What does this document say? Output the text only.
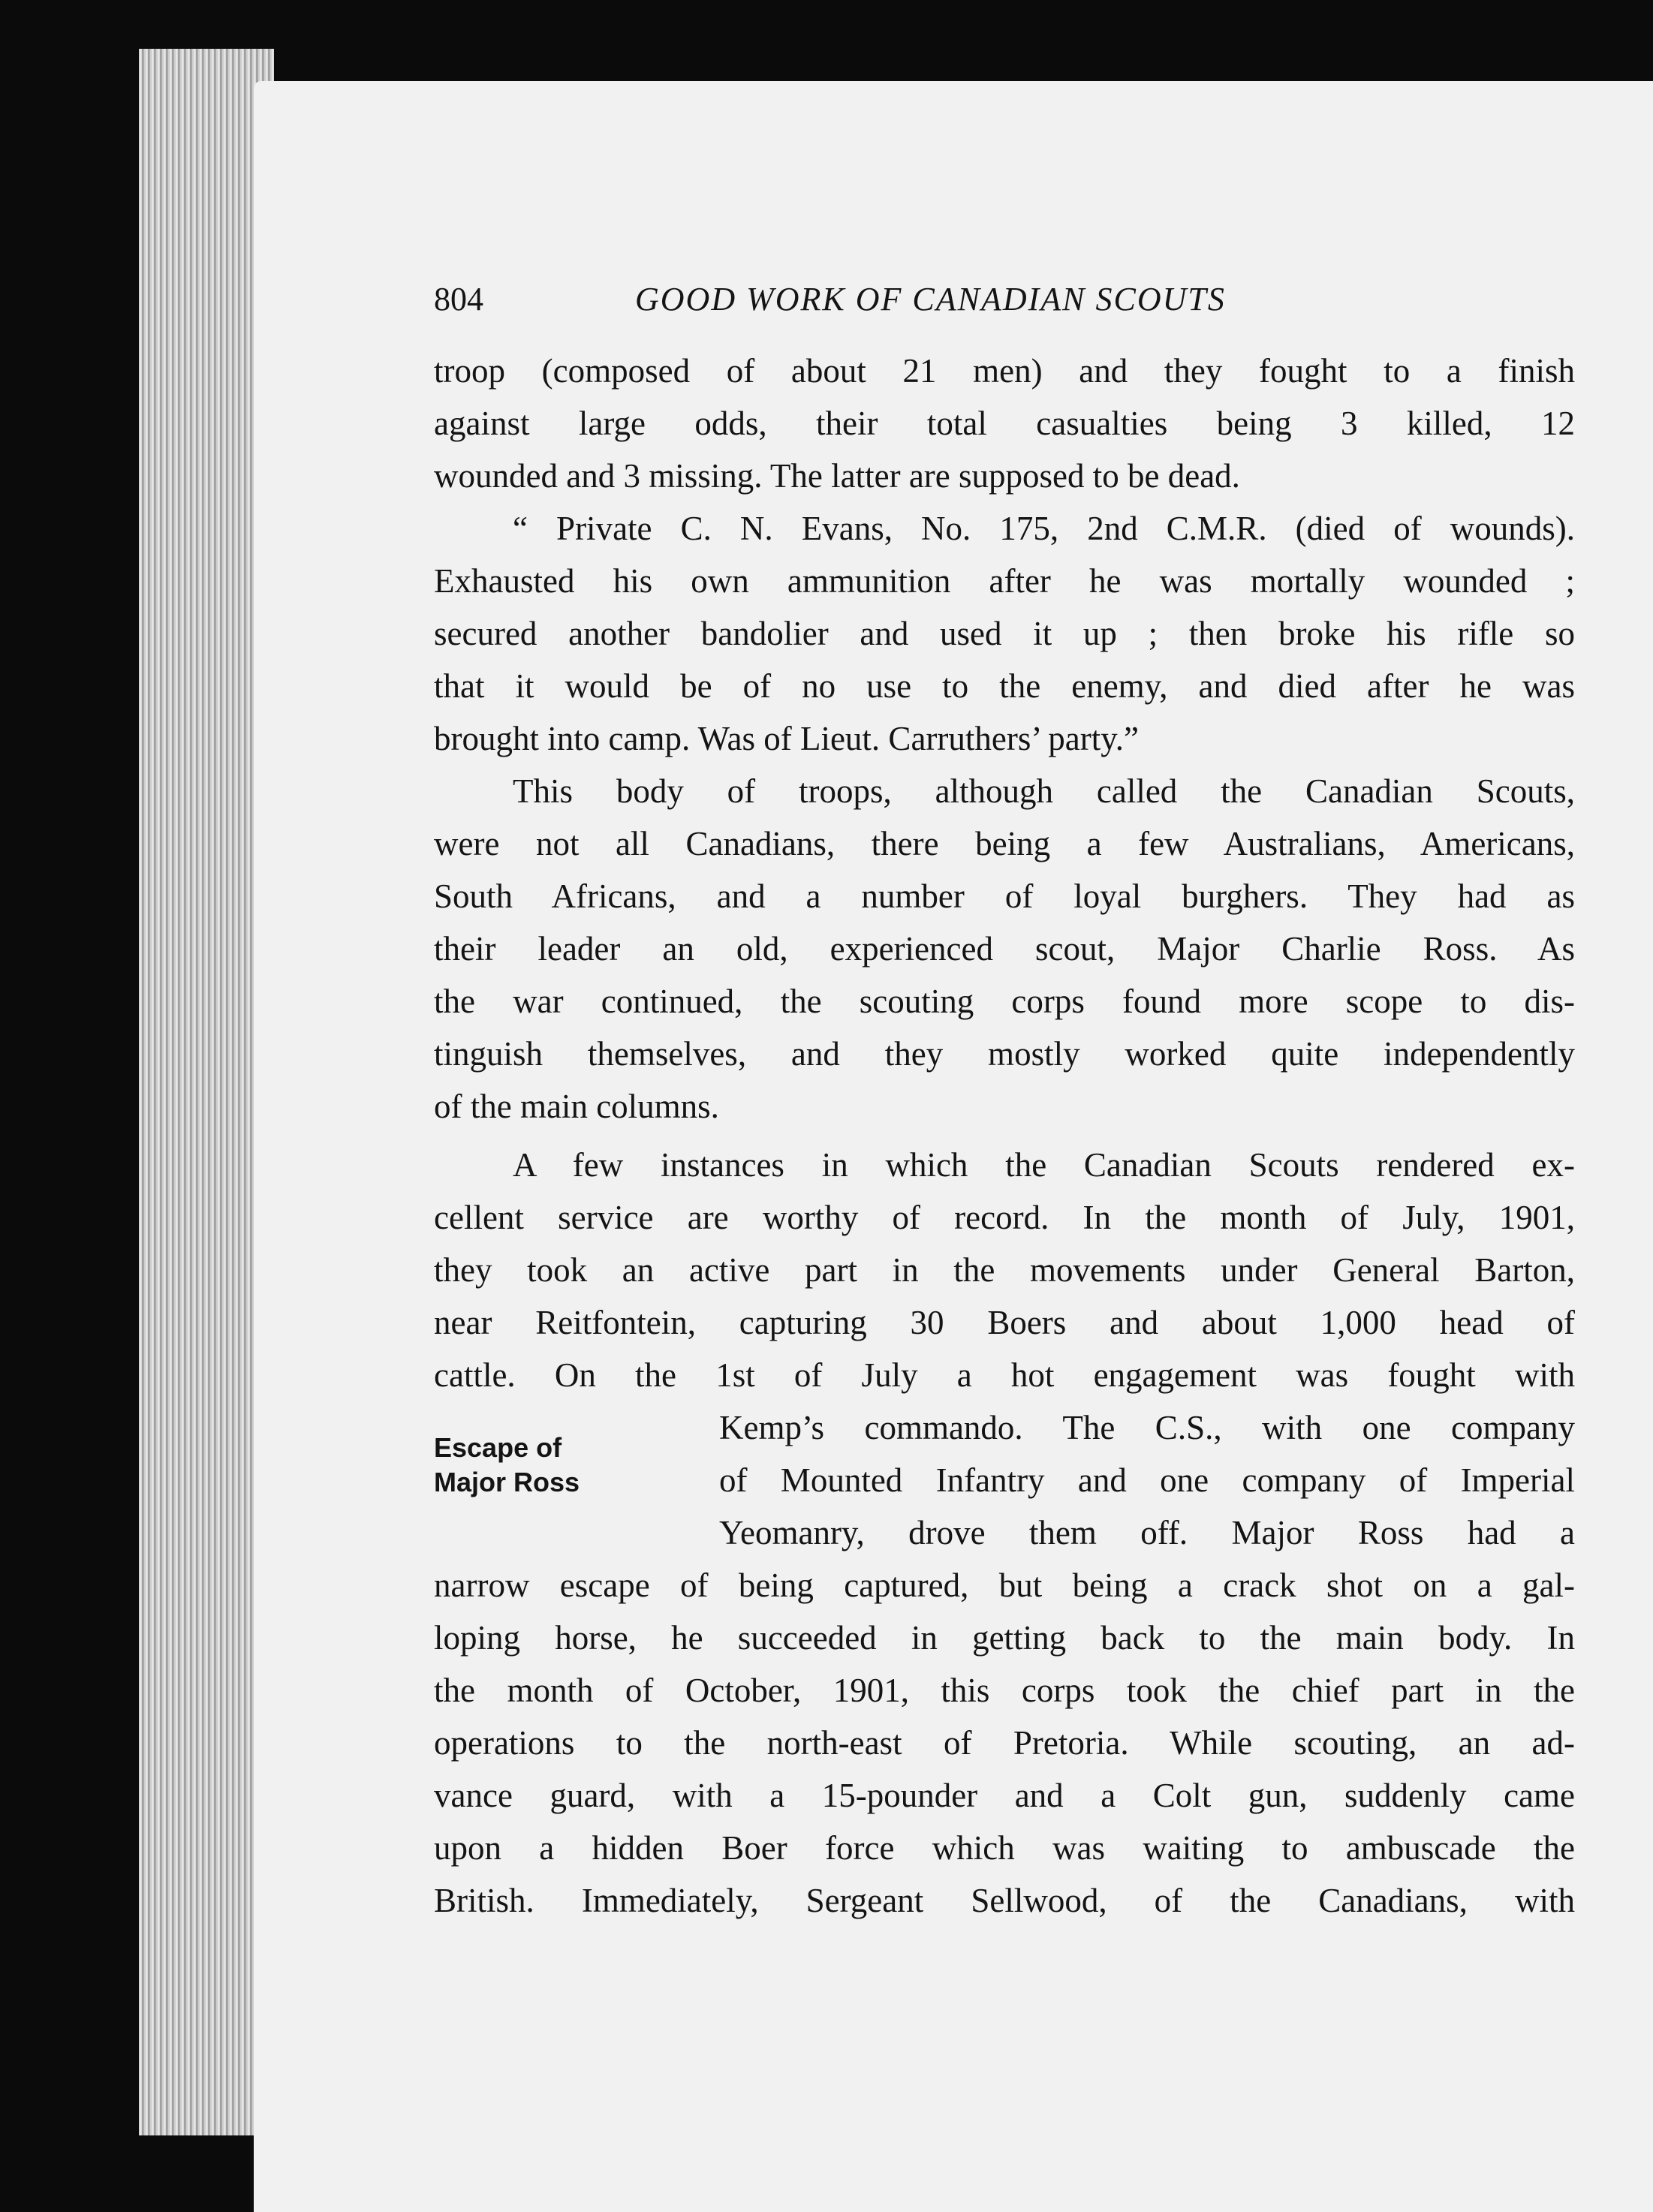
804	GOOD WORK OF CANADIAN SCOUTS
Escape of
Major Ross
troop (composed of about 21 men) and they fought to a finish
against large odds, their total casualties being 3 killed, 12
wounded and 3 missing. The latter are supposed to be dead.
“ Private C. N. Evans, No. 175, 2nd C.M.R. (died of wounds).
Exhausted his own ammunition after he was mortally wounded ;
secured another bandolier and used it up ; then broke his rifle so
that it would be of no use to the enemy, and died after he was
brought into camp. Was of Lieut. Carruthers’ party.”
This body of troops, although called the Canadian Scouts,
were not all Canadians, there being a few Australians, Americans,
South Africans, and a number of loyal burghers. They had as
their leader an old, experienced scout, Major Charlie Ross. As
the war continued, the scouting corps found more scope to dis-
tinguish themselves, and they mostly worked quite independently
of the main columns.
A few instances in which the Canadian Scouts rendered ex-
cellent service are worthy of record. In the month of July, 1901,
they took an active part in the movements under General Barton,
near Reitfontein, capturing 30 Boers and about 1,000 head of
cattle. On the 1st of July a hot engagement was fought with
Kemp’s commando. The C.S., with one company
of Mounted Infantry and one company of Imperial
Yeomanry, drove them off. Major Ross had a
narrow escape of being captured, but being a crack shot on a gal-
loping horse, he succeeded in getting back to the main body. In
the month of October, 1901, this corps took the chief part in the
operations to the north-east of Pretoria. While scouting, an ad-
vance guard, with a 15-pounder and a Colt gun, suddenly came
upon a hidden Boer force which was waiting to ambuscade the
British. Immediately, Sergeant Sellwood, of the Canadians, with
